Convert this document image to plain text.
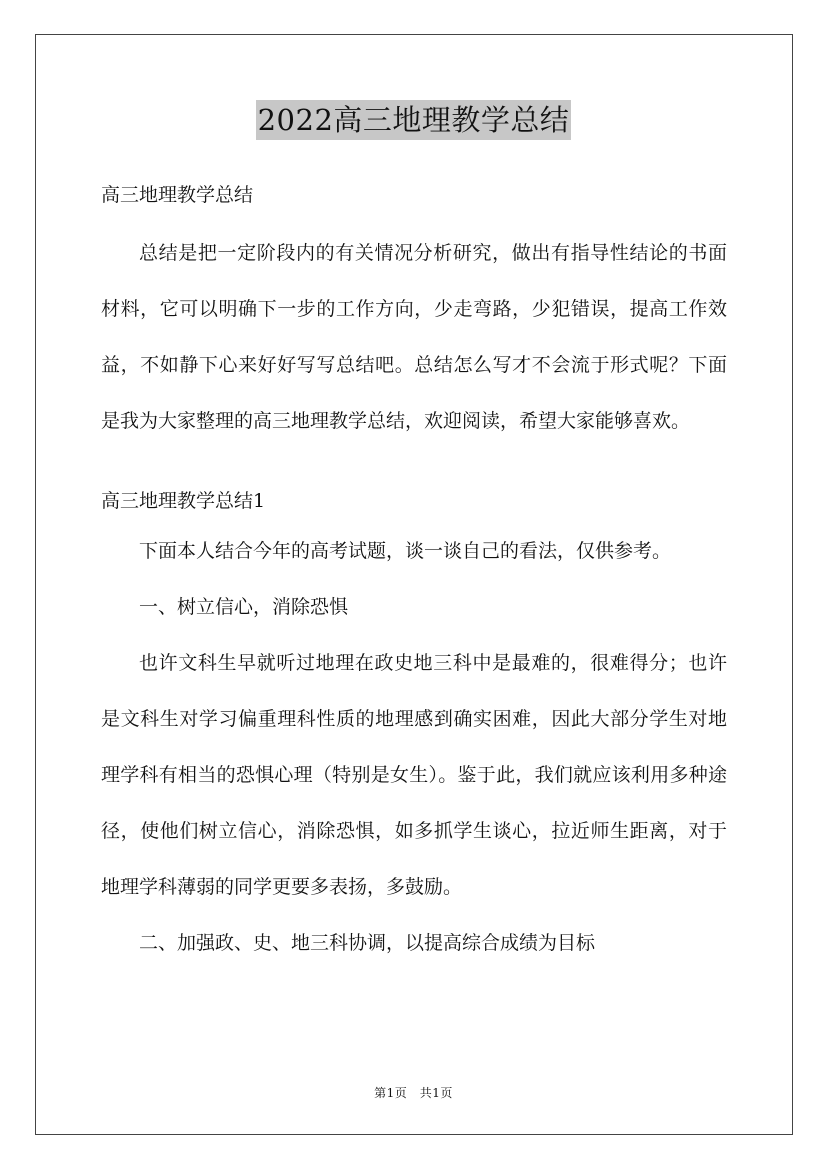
2022高三地理教学总结

高三地理教学总结

总结是把一定阶段内的有关情况分析研究，做出有指导性结论的书面材料，它可以明确下一步的工作方向，少走弯路，少犯错误，提高工作效益，不如静下心来好好写写总结吧。总结怎么写才不会流于形式呢？下面是我为大家整理的高三地理教学总结，欢迎阅读，希望大家能够喜欢。

高三地理教学总结1

下面本人结合今年的高考试题，谈一谈自己的看法，仅供参考。

一、树立信心，消除恐惧

也许文科生早就听过地理在政史地三科中是最难的，很难得分；也许是文科生对学习偏重理科性质的地理感到确实困难，因此大部分学生对地理学科有相当的恐惧心理（特别是女生）。鉴于此，我们就应该利用多种途径，使他们树立信心，消除恐惧，如多抓学生谈心，拉近师生距离，对于地理学科薄弱的同学更要多表扬，多鼓励。

二、加强政、史、地三科协调，以提高综合成绩为目标

第1页　共1页
